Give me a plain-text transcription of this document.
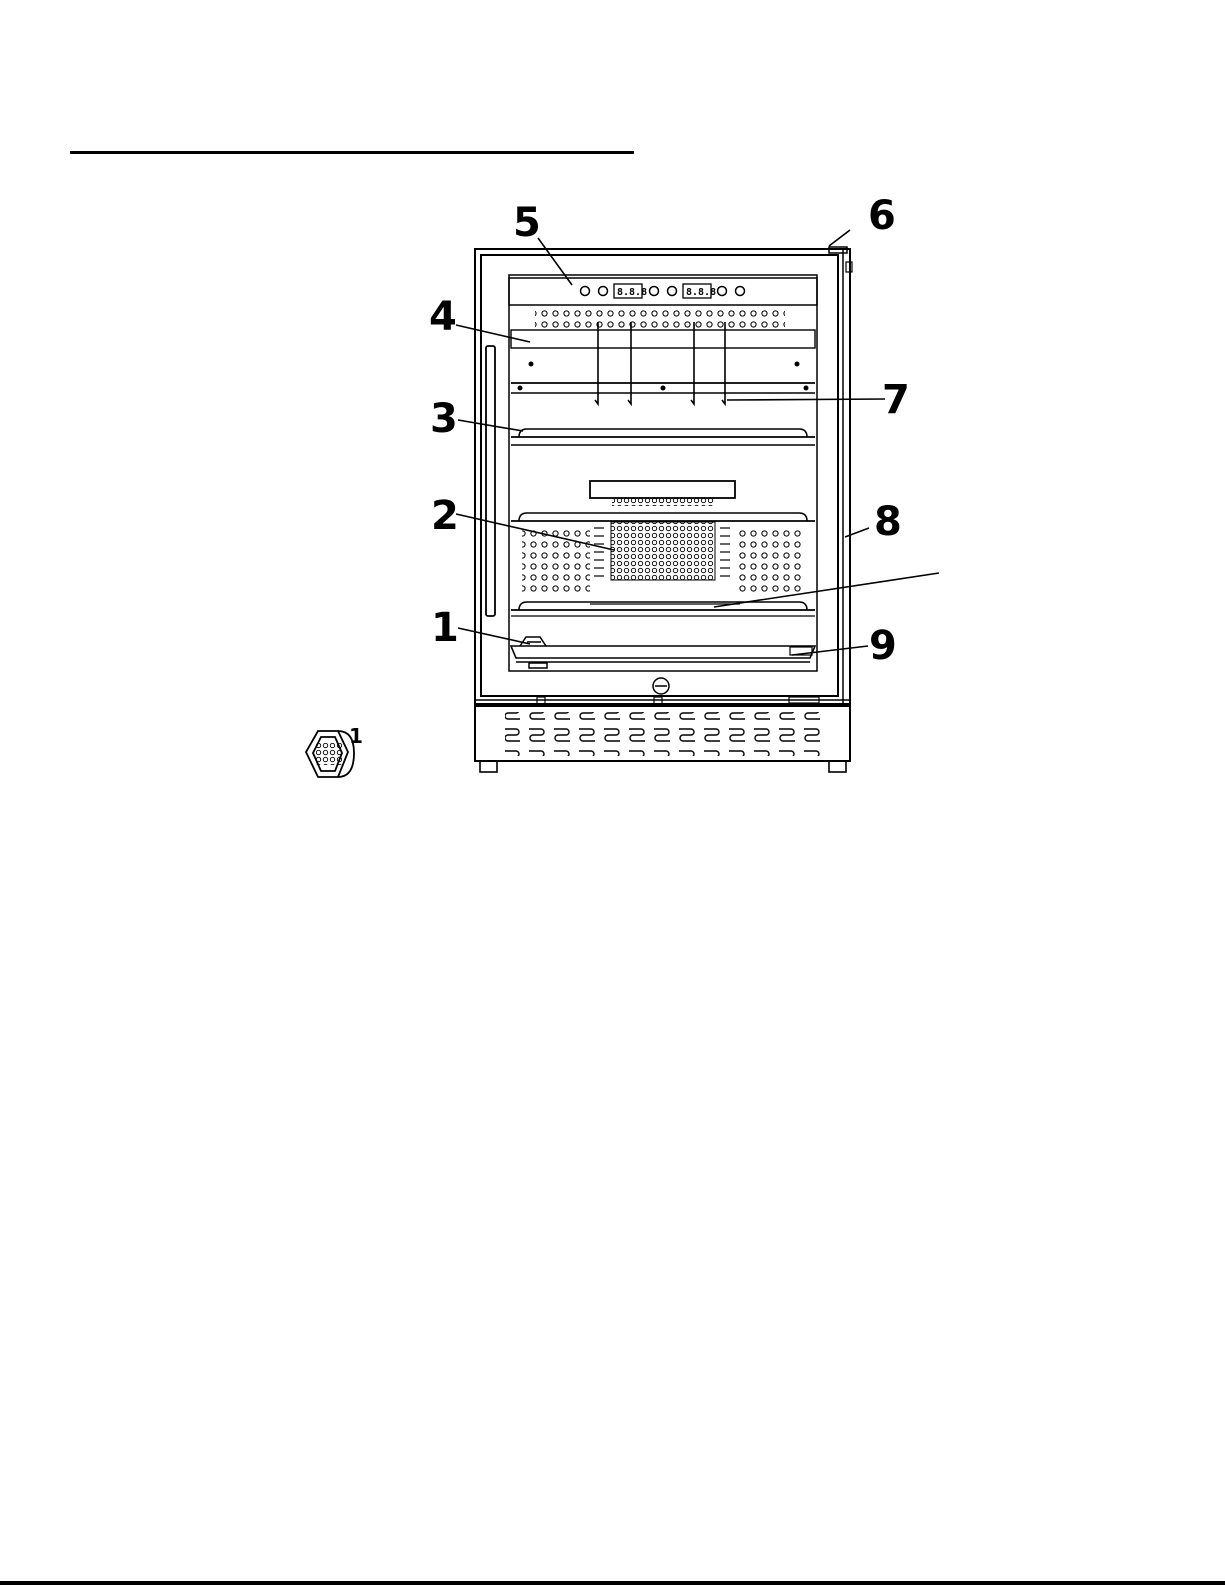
8.8.8	8.8.8
5	6
4
7
3
2	8
1	9
1
